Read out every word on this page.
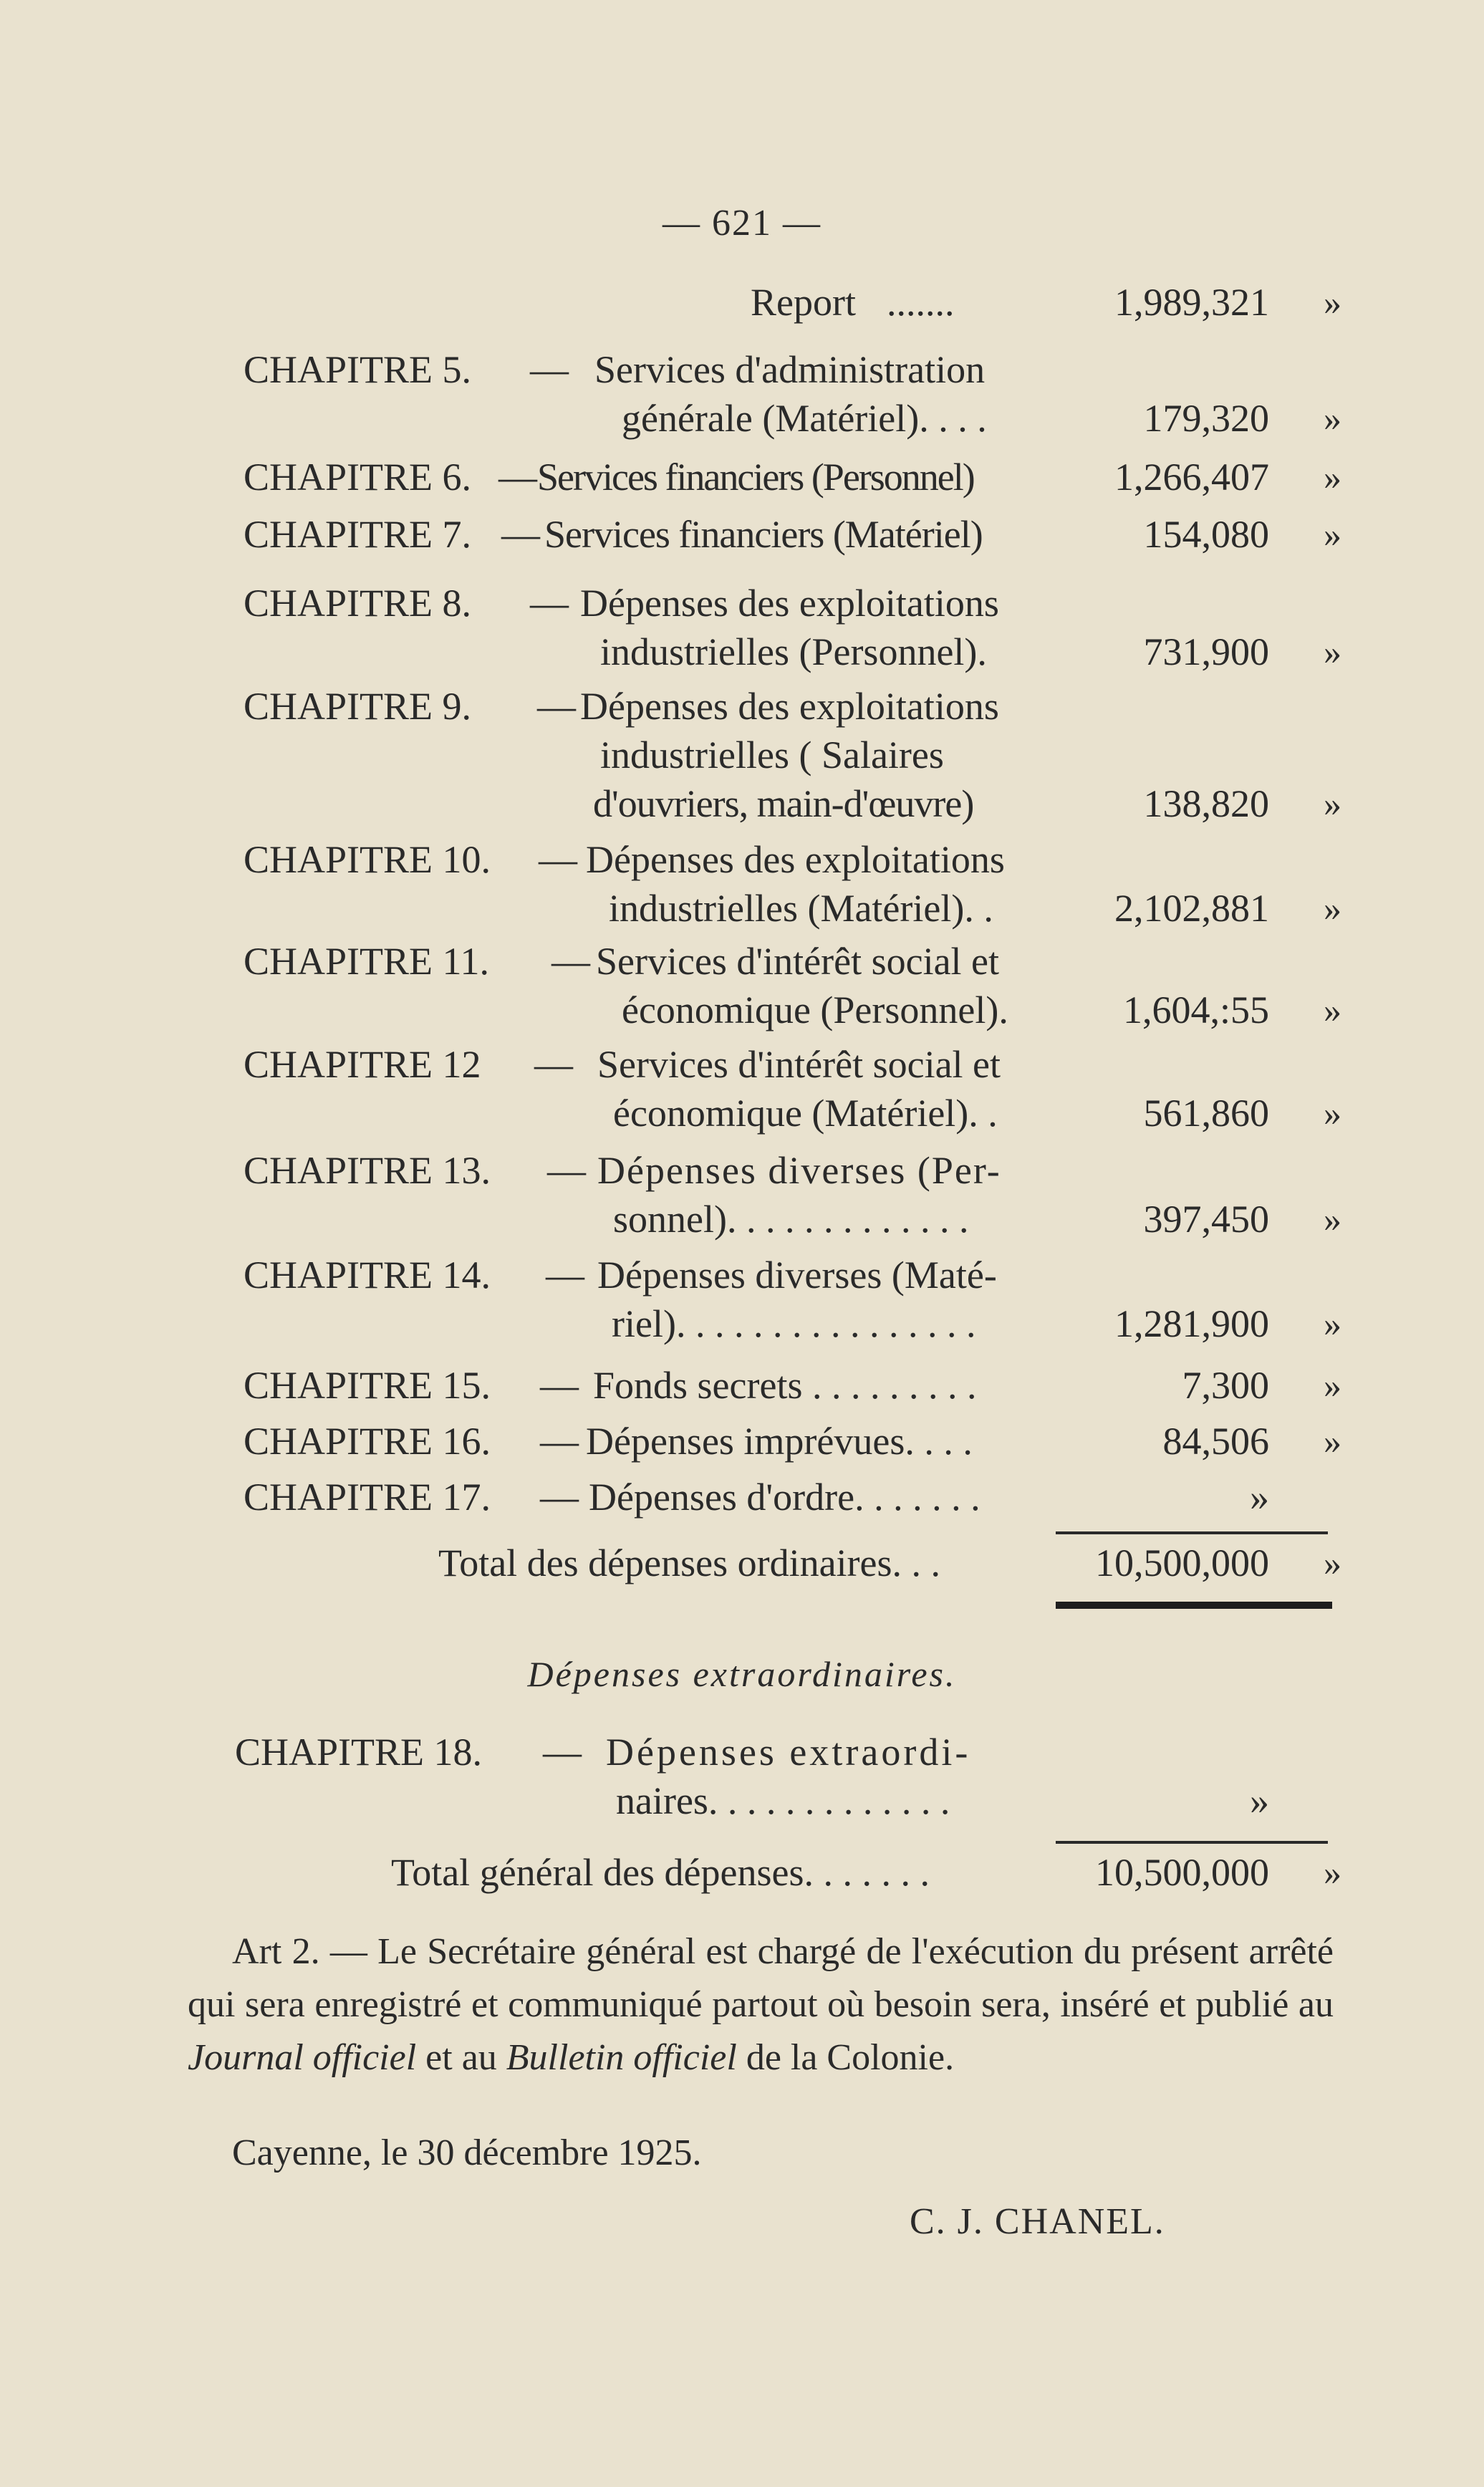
— 621 —
Report .......	1,989,321 »
CHAPITRE 5. — Services d'administration
générale (Matériel). . . .	179,320 »
CHAPITRE 6. — Services financiers (Personnel)	1,266,407 »
CHAPITRE 7. — Services financiers (Matériel)	154,080 »
CHAPITRE 8. — Dépenses des exploitations
industrielles (Personnel).	731,900 »
CHAPITRE 9. — Dépenses des exploitations
industrielles ( Salaires
d'ouvriers, main-d'œuvre)	138,820 »
CHAPITRE 10. — Dépenses des exploitations
industrielles (Matériel). .	2,102,881 »
CHAPITRE 11. — Services d'intérêt social et
économique (Personnel).	1,604,:55 »
CHAPITRE 12 — Services d'intérêt social et
économique (Matériel). .	561,860 »
CHAPITRE 13. — Dépenses diverses (Per-
sonnel). . . . . . . . . . . . .	397,450 »
CHAPITRE 14. — Dépenses diverses (Maté-
riel). . . . . . . . . . . . . . . .	1,281,900 »
CHAPITRE 15. — Fonds secrets . . . . . . . . .	7,300 »
CHAPITRE 16. — Dépenses imprévues. . . .	84,506 »
CHAPITRE 17. — Dépenses d'ordre. . . . . . .	»
Total des dépenses ordinaires. . .	10,500,000 »
Dépenses extraordinaires.
CHAPITRE 18. — Dépenses extraordi-
naires. . . . . . . . . . . . .	»
Total général des dépenses. . . . . . .	10,500,000 »
Art 2. — Le Secrétaire général est chargé de l'exécution du présent arrêté qui sera enregistré et communiqué partout où besoin sera, inséré et publié au Journal officiel et au Bulletin officiel de la Colonie.
Cayenne, le 30 décembre 1925.
C. J. CHANEL.
